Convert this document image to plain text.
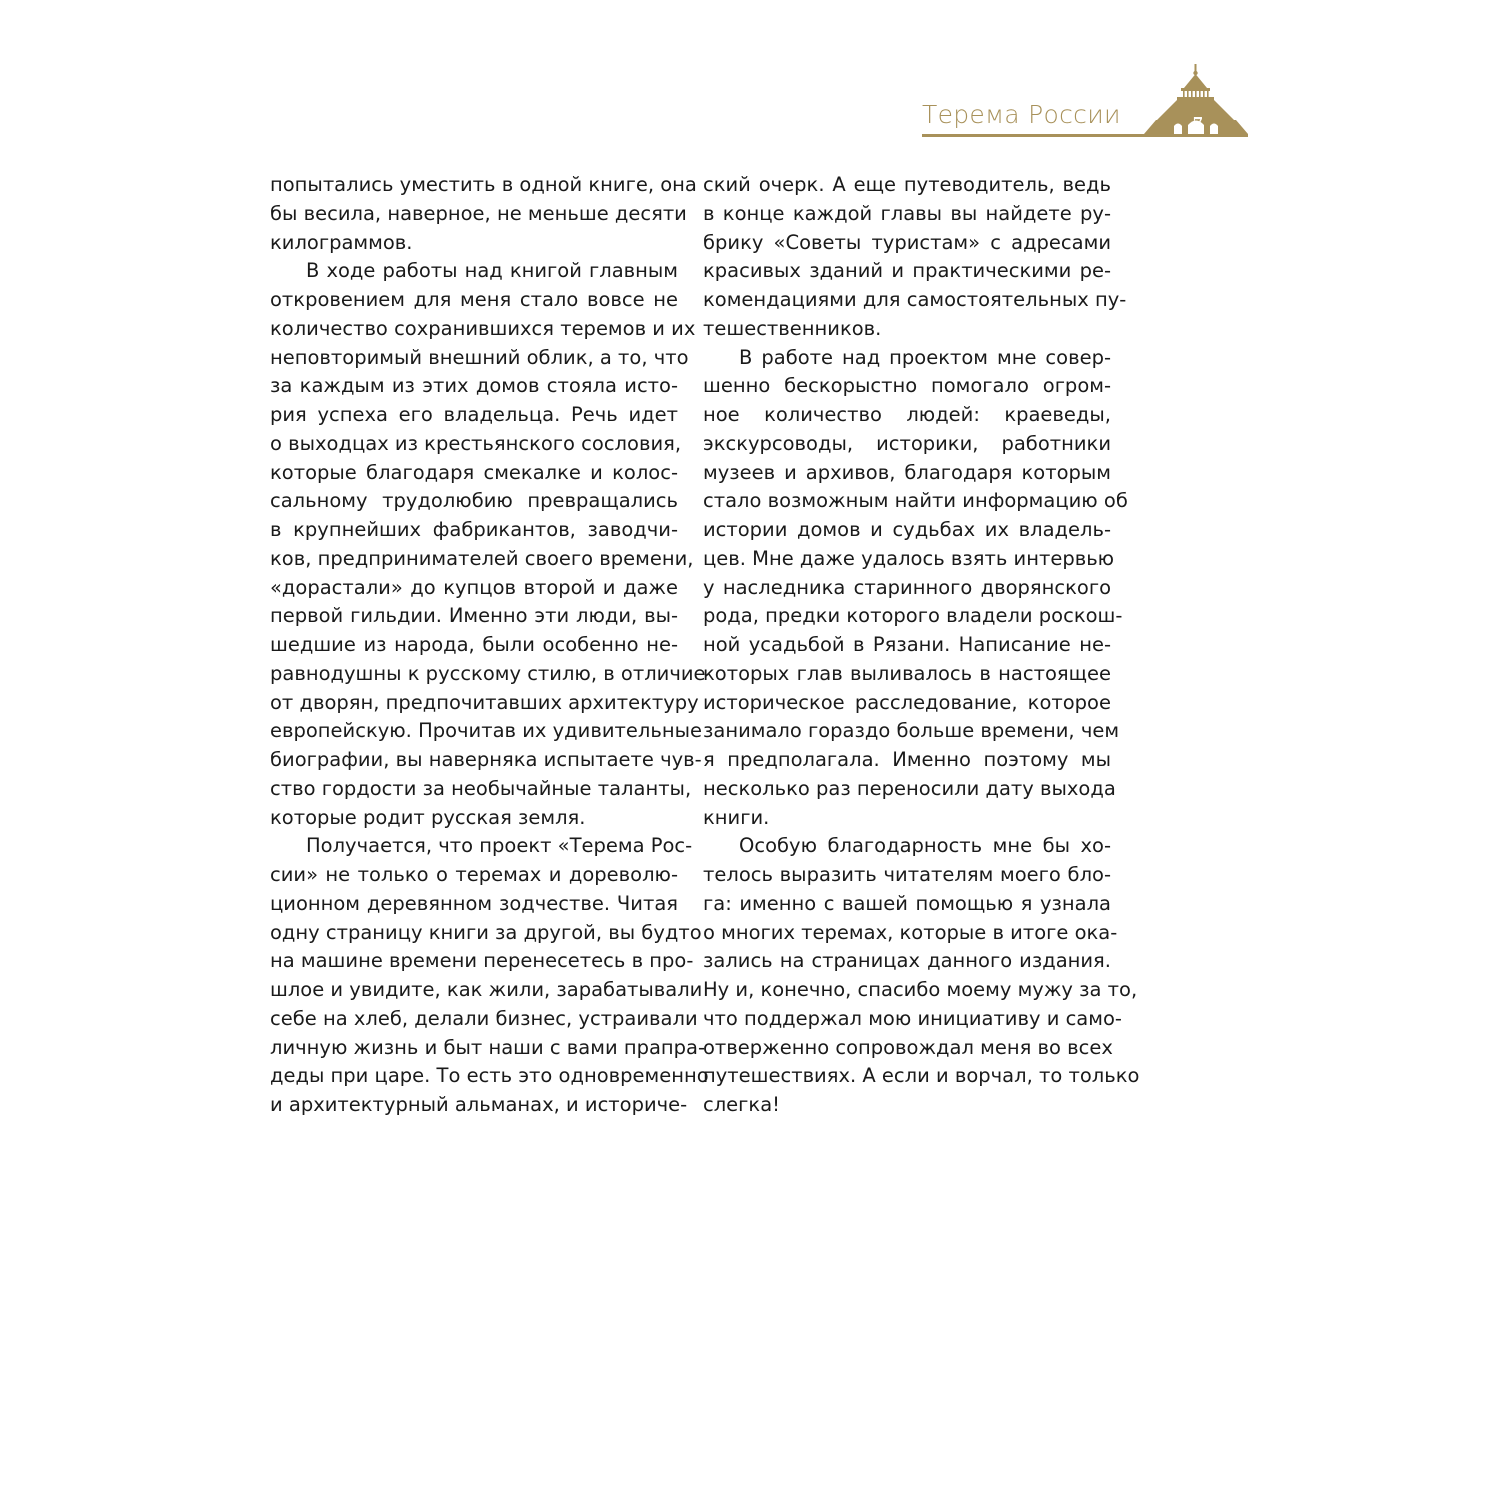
Терема России	7
попытались уместить в одной книге, она
бы весила, наверное, не меньше десяти
килограммов.
В ходе работы над книгой главным
откровением для меня стало вовсе не
количество сохранившихся теремов и их
неповторимый внешний облик, а то, что
за каждым из этих домов стояла исто-
рия успеха его владельца. Речь идет
о выходцах из крестьянского сословия,
которые благодаря смекалке и колос-
сальному трудолюбию превращались
в крупнейших фабрикантов, заводчи-
ков, предпринимателей своего времени,
«дорастали» до купцов второй и даже
первой гильдии. Именно эти люди, вы-
шедшие из народа, были особенно не-
равнодушны к русскому стилю, в отличие
от дворян, предпочитавших архитектуру
европейскую. Прочитав их удивительные
биографии, вы наверняка испытаете чув-
ство гордости за необычайные таланты,
которые родит русская земля.
Получается, что проект «Терема Рос-
сии» не только о теремах и дореволю-
ционном деревянном зодчестве. Читая
одну страницу книги за другой, вы будто
на машине времени перенесетесь в про-
шлое и увидите, как жили, зарабатывали
себе на хлеб, делали бизнес, устраивали
личную жизнь и быт наши с вами прапра-
деды при царе. То есть это одновременно
и архитектурный альманах, и историче-
ский очерк. А еще путеводитель, ведь
в конце каждой главы вы найдете ру-
брику «Советы туристам» с адресами
красивых зданий и практическими ре-
комендациями для самостоятельных пу-
тешественников.
В работе над проектом мне совер-
шенно бескорыстно помогало огром-
ное количество людей: краеведы,
экскурсоводы, историки, работники
музеев и архивов, благодаря которым
стало возможным найти информацию об
истории домов и судьбах их владель-
цев. Мне даже удалось взять интервью
у наследника старинного дворянского
рода, предки которого владели роскош-
ной усадьбой в Рязани. Написание не-
которых глав выливалось в настоящее
историческое расследование, которое
занимало гораздо больше времени, чем
я предполагала. Именно поэтому мы
несколько раз переносили дату выхода
книги.
Особую благодарность мне бы хо-
телось выразить читателям моего бло-
га: именно с вашей помощью я узнала
о многих теремах, которые в итоге ока-
зались на страницах данного издания.
Ну и, конечно, спасибо моему мужу за то,
что поддержал мою инициативу и само-
отверженно сопровождал меня во всех
путешествиях. А если и ворчал, то только
слегка!
